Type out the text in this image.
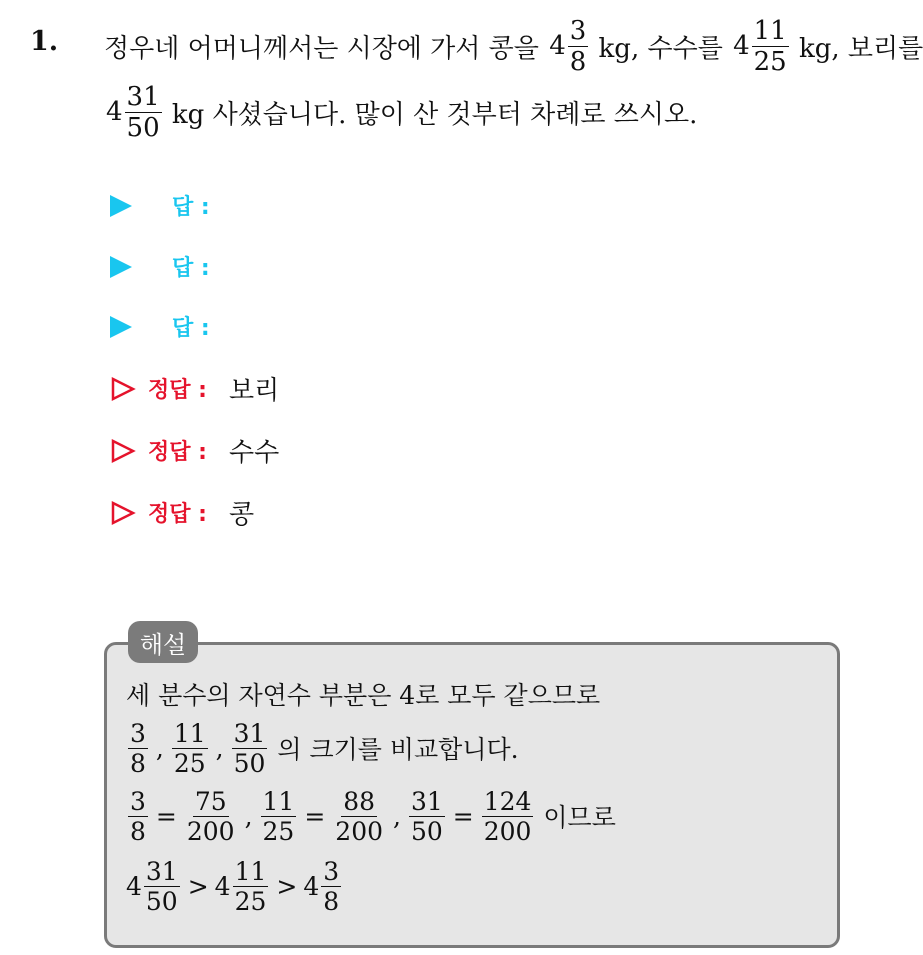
1. 정우네 어머니께서는 시장에 가서 콩을 $4 \frac{3}{8}$ kg, 수수를 $4 \frac{11}{25}$ kg, 보리를
$4 \frac{31}{50}$ kg 사셨습니다. 많이 산 것부터 차례로 쓰시오.
답 :
답 :
답 :
정답 : 보리
정답 : 수수
정답 : 콩
해설
세 분수의 자연수 부분은 4로 모두 같으므로
$\frac{3}{8}$ , $\frac{11}{25}$ , $\frac{31}{50}$ 의 크기를 비교합니다.
$\frac{3}{8} = \frac{75}{200}$ , $\frac{11}{25} = \frac{88}{200}$ , $\frac{31}{50} = \frac{124}{200}$ 이므로
$4 \frac{31}{50} > 4 \frac{11}{25} > 4 \frac{3}{8}$
